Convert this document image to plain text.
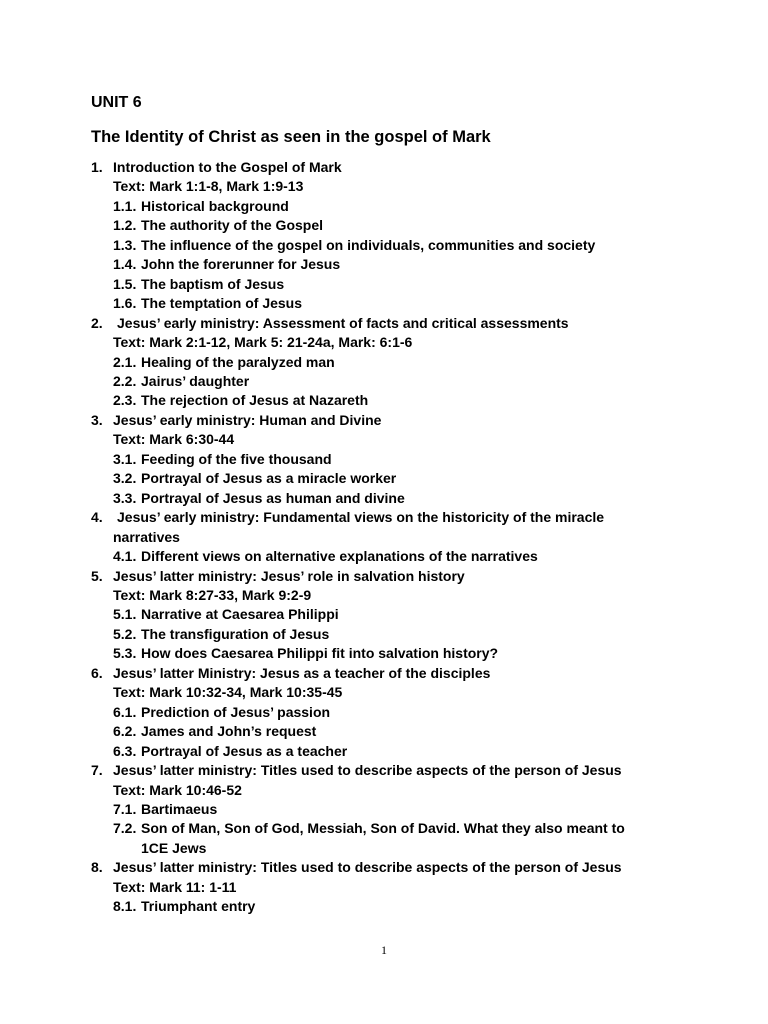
UNIT 6
The Identity of Christ as seen in the gospel of Mark
1. Introduction to the Gospel of Mark
Text: Mark 1:1-8, Mark 1:9-13
1.1. Historical background
1.2. The authority of the Gospel
1.3. The influence of the gospel on individuals, communities and society
1.4. John the forerunner for Jesus
1.5. The baptism of Jesus
1.6. The temptation of Jesus
2.	Jesus’ early ministry: Assessment of facts and critical assessments
Text: Mark 2:1-12, Mark 5: 21-24a, Mark: 6:1-6
2.1. Healing of the paralyzed man
2.2. Jairus’ daughter
2.3. The rejection of Jesus at Nazareth
3. Jesus’ early ministry: Human and Divine
Text: Mark 6:30-44
3.1. Feeding of the five thousand
3.2. Portrayal of Jesus as a miracle worker
3.3. Portrayal of Jesus as human and divine
4.	Jesus’ early ministry: Fundamental views on the historicity of the miracle
narratives
4.1. Different views on alternative explanations of the narratives
5. Jesus’ latter ministry: Jesus’ role in salvation history
Text: Mark 8:27-33, Mark 9:2-9
5.1. Narrative at Caesarea Philippi
5.2. The transfiguration of Jesus
5.3. How does Caesarea Philippi fit into salvation history?
6. Jesus’ latter Ministry: Jesus as a teacher of the disciples
Text: Mark 10:32-34, Mark 10:35-45
6.1. Prediction of Jesus’ passion
6.2. James and John’s request
6.3. Portrayal of Jesus as a teacher
7. Jesus’ latter ministry: Titles used to describe aspects of the person of Jesus
Text: Mark 10:46-52
7.1. Bartimaeus
7.2. Son of Man, Son of God, Messiah, Son of David. What they also meant to
1CE Jews
8. Jesus’ latter ministry: Titles used to describe aspects of the person of Jesus
Text: Mark 11: 1-11
8.1. Triumphant entry
1
